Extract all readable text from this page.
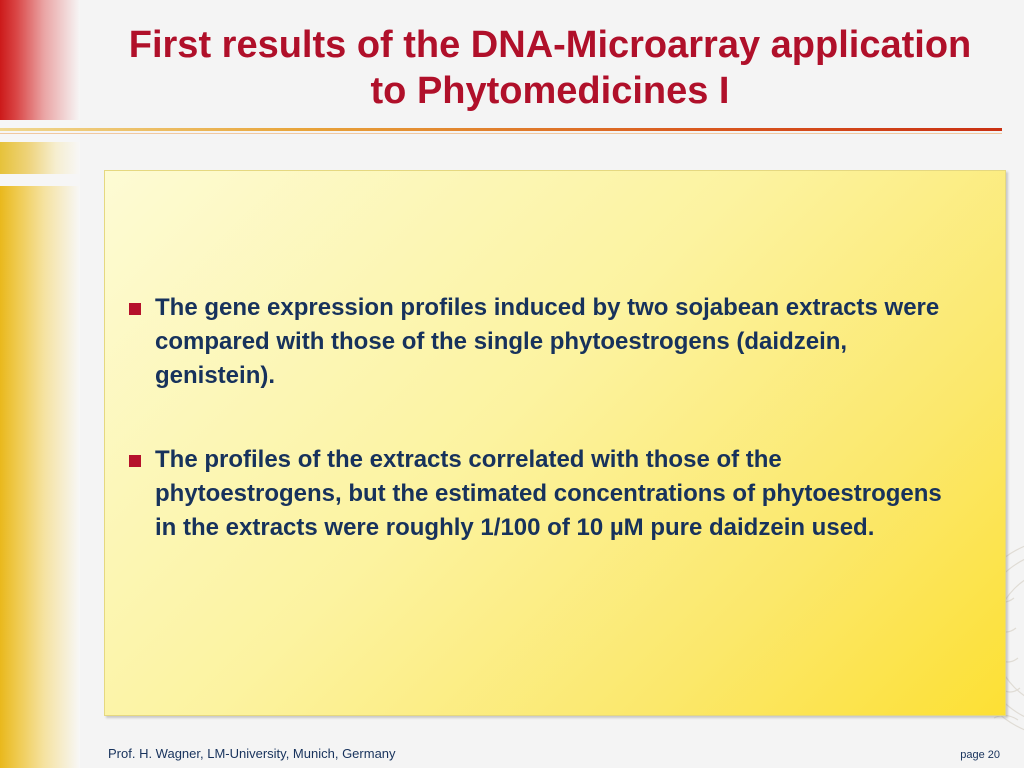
First results of the DNA-Microarray application to Phytomedicines I
The gene expression profiles induced by two sojabean extracts were compared with those of the single phytoestrogens (daidzein, genistein).
The profiles of the extracts correlated with those of the phytoestrogens, but the estimated concentrations of phytoestrogens in the extracts were roughly 1/100 of 10 µM pure daidzein used.
Prof. H. Wagner, LM-University, Munich, Germany	page 20
